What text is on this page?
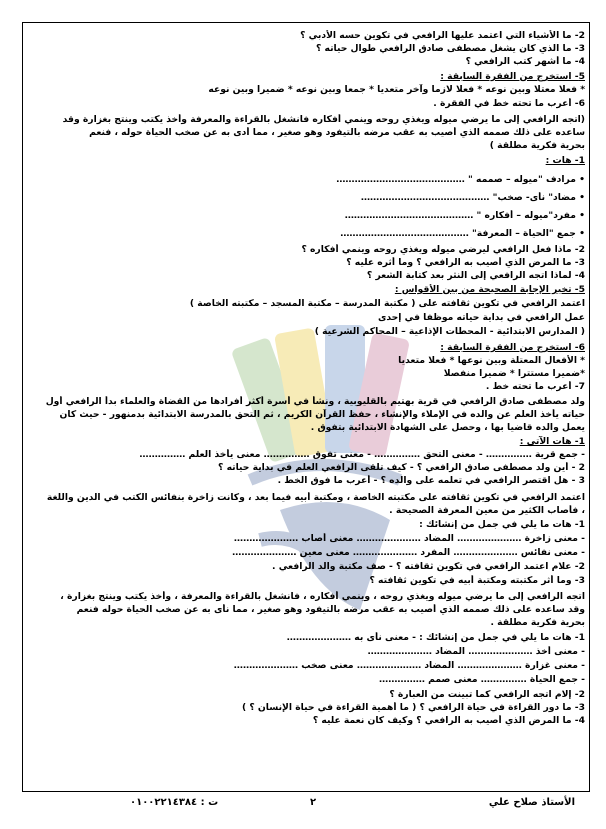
2- ما الأشياء التي اعتمد عليها الرافعي في تكوين حسه الأدبي ؟
3- ما الذي كان يشغل مصطفى صادق الرافعي طوال حياته ؟
4- ما أشهر كتب الرافعي ؟
5- استخرج من الفقرة السابقة :
* فعلا معتلا وبين نوعه * فعلا لازما وآخر متعديا * جمعا وبين نوعه * ضميرا وبين نوعه
6- أعرب ما تحته خط في الفقرة .
(اتجه الرافعي إلى ما يرضي ميوله ويغذي روحه وينمي أفكاره فانشغل بالقراءة والمعرفة وأخذ يكتب وينتج بغزارة وقد
ساعده على ذلك صممه الذي أصيب به عقب مرضه بالتيفود وهو صغير ، مما أدى به عن صخب الحياة حوله ، فنعم
بحرية فكرية مطلقة )
1- هات :
• مرادف "ميوله – صممه " ……………………………………
• مضاد" نأى- صخب" ……………………………………
• مفرد"ميوله – أفكاره " ……………………………………
• جمع "الحياة – المعرفة" ……………………………………
2- ماذا فعل الرافعي ليرضي ميوله ويغذي روحه وينمي أفكاره ؟
3- ما المرض الذي أصيب به الرافعي ؟ وما أثره عليه ؟
4- لماذا اتجه الرافعي إلى النثر بعد كتابة الشعر ؟
5- تخير الإجابة الصحيحة من بين الأقواس :
اعتمد الرافعي في تكوين ثقافته على ( مكتبة المدرسة – مكتبة المسجد – مكتبته الخاصة )
عمل الرافعي في بداية حياته موظفا في إحدى
( المدارس الابتدائية - المحطات الإذاعية – المحاكم الشرعية )
6- استخرج من الفقرة السابقة :
* الأفعال المعتلة وبين نوعها * فعلا متعديا
*ضميرا مستترا * ضميرا منفصلا
7- أعرب ما تحته خط .
ولد مصطفى صادق الرافعي في قرية بهتيم بالقليوبية ، ونشأ في أسرة أكثر أفرادها من القضاة والعلماء بدأ الرافعي أول
حياته يأخذ العلم عن والده في الإملاء والإنشاء ، حفظ القرآن الكريم ، ثم التحق بالمدرسة الابتدائية بدمنهور - حيث كان
يعمل والده قاضيا بها ، وحصل على الشهادة الابتدائية بتفوق .
1- هات الآتي :
- جمع قرية …………… - معنى التحق …………… - معنى تفوق …………… معنى يأخذ العلم ……………
2 - أين ولد مصطفى صادق الرافعي ؟ - كيف تلقى الرافعي العلم في بداية حياته ؟
3 - هل اقتصر الرافعي في تعلمه على والده ؟ - أعرب ما فوق الخط .
اعتمد الرافعي في تكوين ثقافته على مكتبته الخاصة ، ومكتبة أبيه فيما بعد ، وكانت زاخرة بنفائس الكتب في الدين واللغة
، فأصاب الكثير من معين المعرفة الصحيحة .
1- هات ما يلي في جمل من إنشائك :
- معنى زاخرة ………………… المضاد ………………… معنى أصاب …………………
- معنى نفائس ………………… المفرد ………………… معنى معين …………………
2- علام اعتمد الرافعي في تكوين ثقافته ؟ - صف مكتبة والد الرافعي .
3- وما أثر مكتبته ومكتبة أبيه في تكوين ثقافته ؟
اتجه الرافعي إلى ما يرضي ميوله ويغذي روحه ، وينمي أفكاره ، فانشغل بالقراءة والمعرفة ، وأخذ يكتب وينتج بغزارة ،
وقد ساعده على ذلك صممه الذي أصيب به عقب مرضه بالتيفود وهو صغير ، مما نأى به عن صخب الحياة حوله فنعم
بحرية فكرية مطلقة .
1- هات ما يلي في جمل من إنشائك : - معنى نأى به …………………
- معنى أخذ ………………… المضاد …………………
- معنى غزارة ………………… المضاد ………………… معنى صخب …………………
- جمع الحياة …………… معنى صمم ……………
2- إلام اتجه الرافعي كما تبينت من العبارة ؟
3- ما دور القراءة في حياة الرافعي ؟ ( ما أهمية القراءة في حياة الإنسان ؟ )
4- ما المرض الذي أصيب به الرافعي ؟ وكيف كان نعمة عليه ؟
الأستاذ صلاح علي
٢
ت : ٠١٠٠٢٢١٤٣٨٤
